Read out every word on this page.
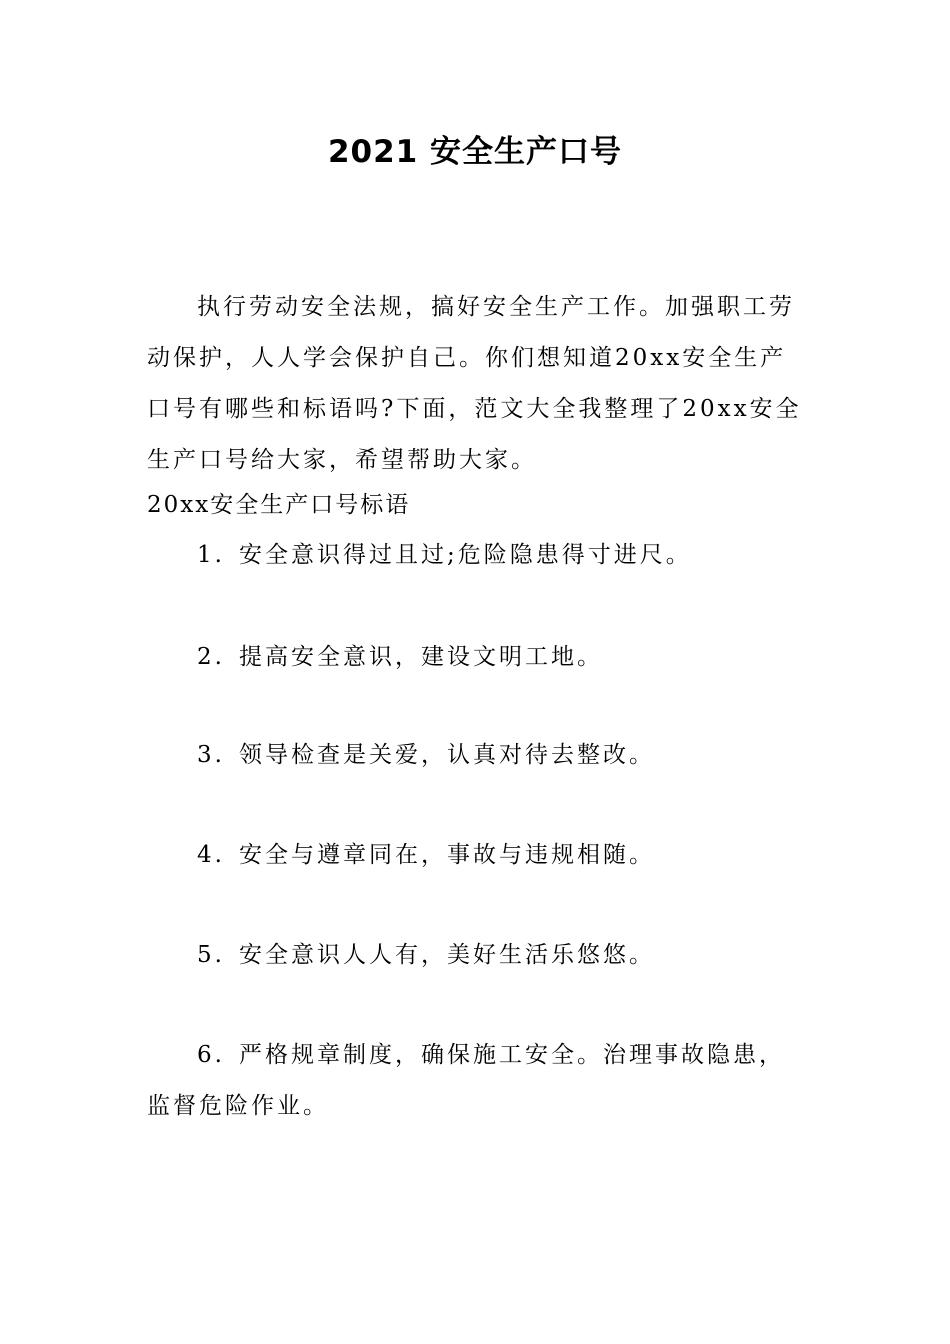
2021 安全生产口号

执行劳动安全法规，搞好安全生产工作。加强职工劳动保护，人人学会保护自己。你们想知道20xx安全生产口号有哪些和标语吗?下面，范文大全我整理了20xx安全生产口号给大家，希望帮助大家。

20xx安全生产口号标语

1. 安全意识得过且过;危险隐患得寸进尺。

2. 提高安全意识，建设文明工地。

3. 领导检查是关爱，认真对待去整改。

4. 安全与遵章同在，事故与违规相随。

5. 安全意识人人有，美好生活乐悠悠。

6. 严格规章制度，确保施工安全。治理事故隐患，监督危险作业。
